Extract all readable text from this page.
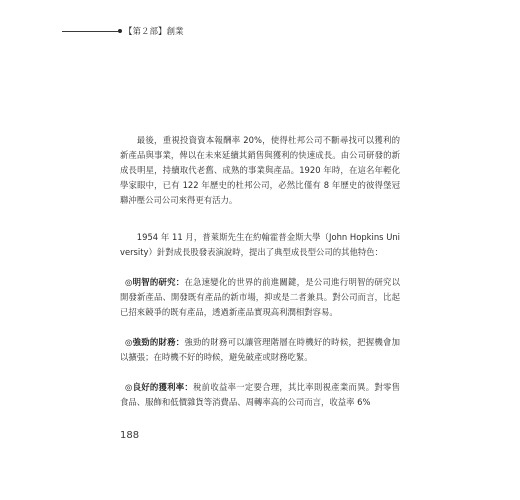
【第２部】創業

最後，重視投資資本報酬率 20%，使得杜邦公司不斷尋找可以獲利的新產品與事業，俾以在未來延續其銷售與獲利的快速成長。由公司研發的新成長明星，持續取代老舊、成熟的事業與產品。1920 年時，在這名年輕化學家眼中，已有 122 年歷史的杜邦公司，必然比僅有 8 年歷史的彼得堡冠聯沖壓公司公司來得更有活力。

1954 年 11 月，普萊斯先生在約翰霍普金斯大學（John Hopkins University）針對成長股發表演說時，提出了典型成長型公司的其他特色：

◎明智的研究：在急速變化的世界的前進關鍵，是公司進行明智的研究以開發新產品、開發既有產品的新市場，抑或是二者兼具。對公司而言，比起已招來競爭的既有產品，透過新產品實現高利潤相對容易。

◎強勁的財務：強勁的財務可以讓管理階層在時機好的時候，把握機會加以擴張；在時機不好的時候，避免破產或財務吃緊。

◎良好的獲利率：稅前收益率一定要合理，其比率則視產業而異。對零售食品、服飾和低價雜貨等消費品、周轉率高的公司而言，收益率 6%

188
